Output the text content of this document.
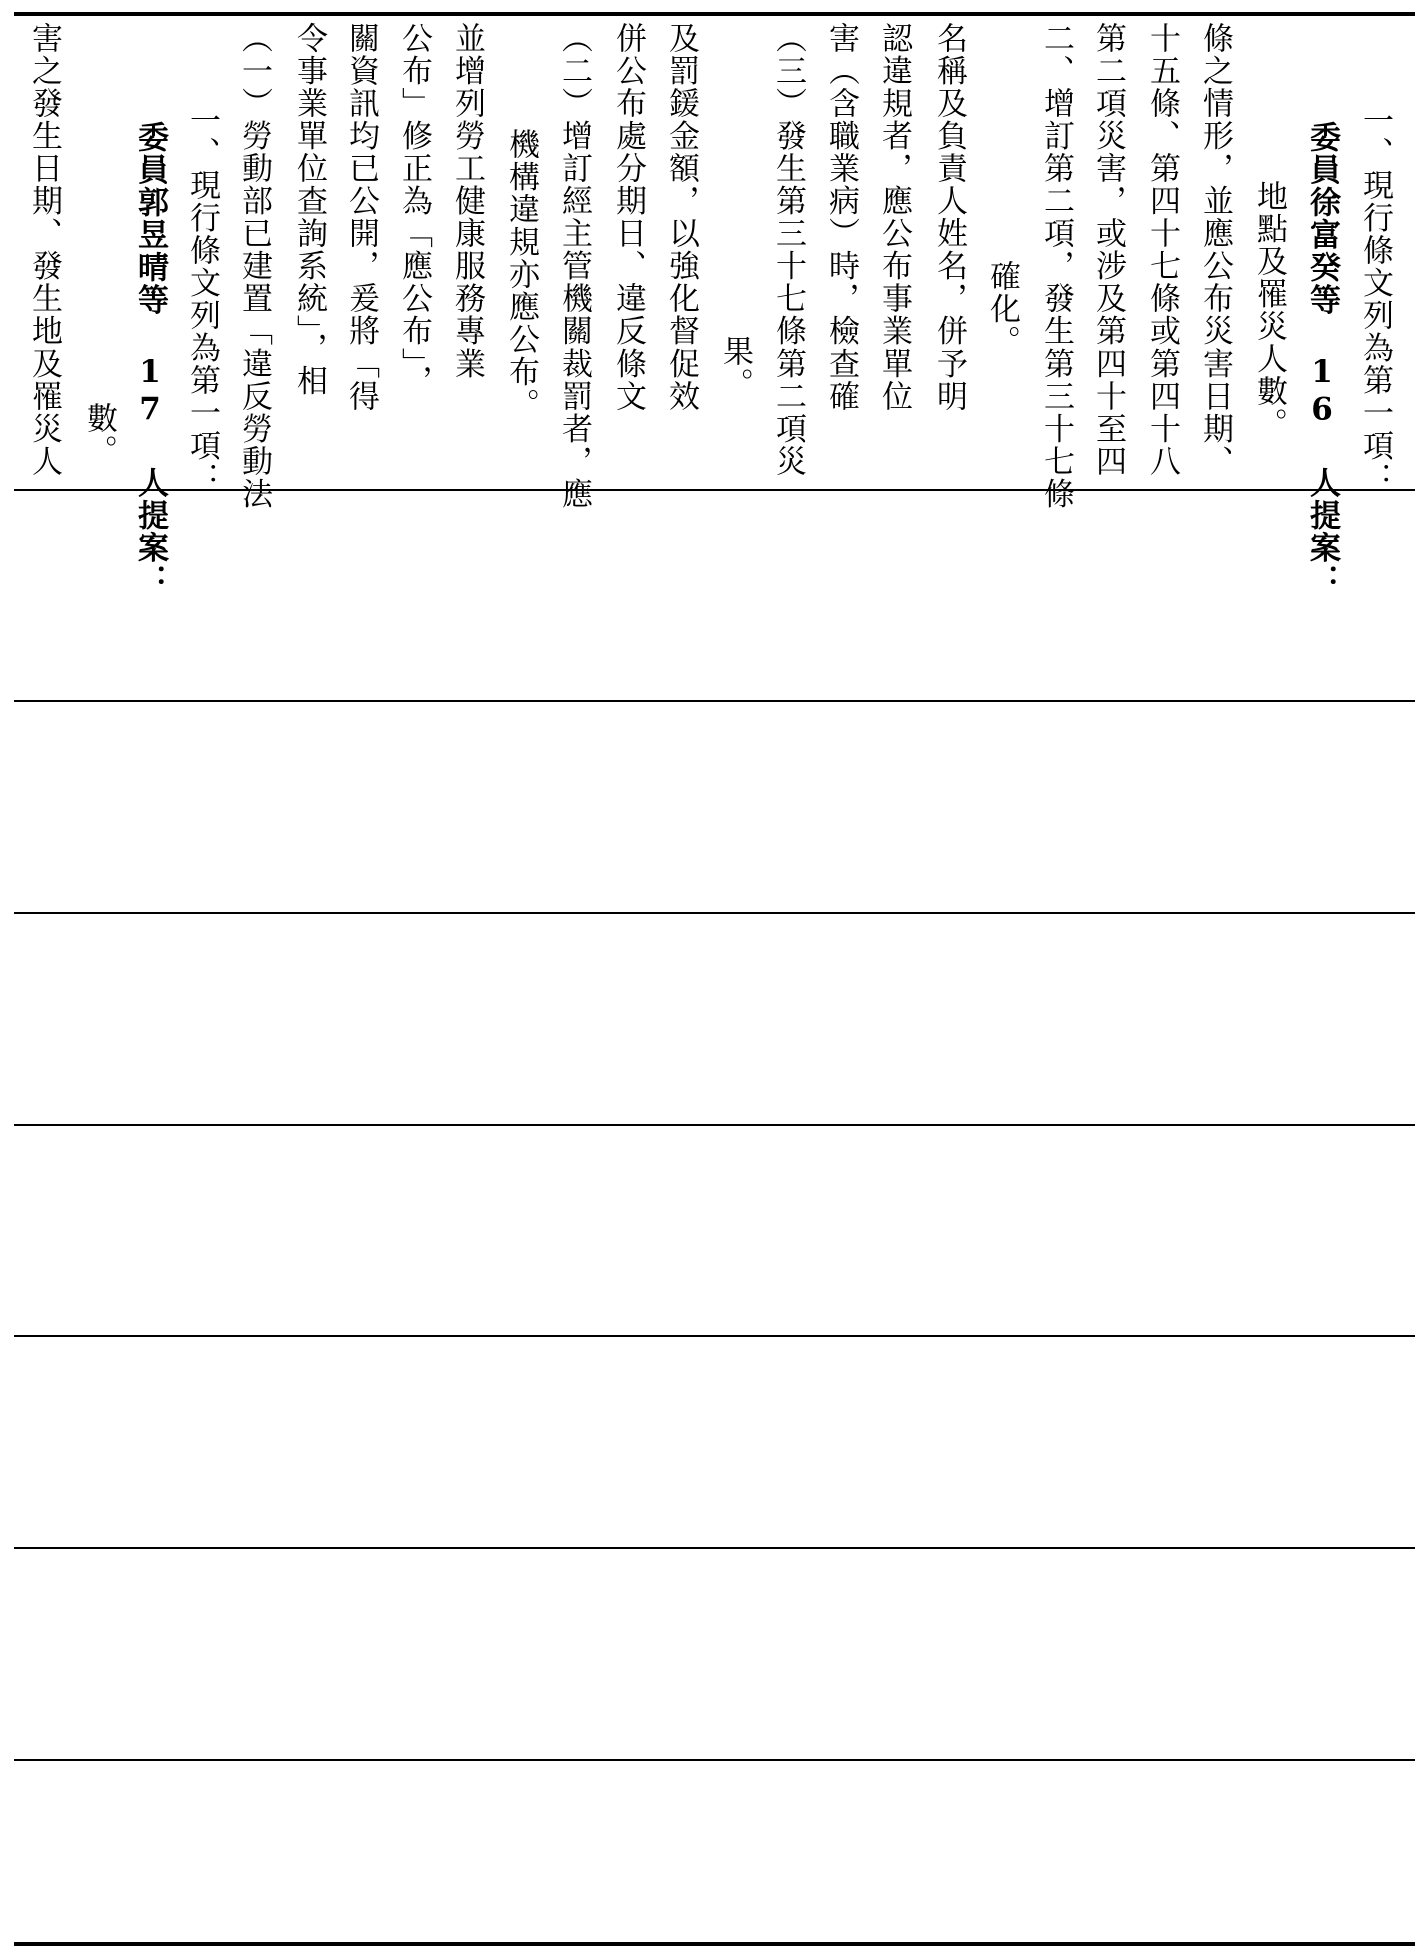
害之發生日期、發生地及罹災人 數。 委員郭昱晴等 17 人提案： 一、現行條文列為第一項： （一）勞動部已建置「違反勞動法 令事業單位查詢系統」，相 關資訊均已公開，爰將「得 公布」修正為「應公布」， 並增列勞工健康服務專業 機構違規亦應公布。 （二）增訂經主管機關裁罰者，應 併公布處分期日、違反條文 及罰鍰金額，以強化督促效 果。 （三）發生第三十七條第二項災 害（含職業病）時，檢查確 認違規者，應公布事業單位 名稱及負責人姓名，併予明 確化。 二、增訂第二項，發生第三十七條 第二項災害，或涉及第四十至四 十五條、第四十七條或第四十八 條之情形，並應公布災害日期、 地點及罹災人數。 委員徐富癸等 16 人提案： 一、現行條文列為第一項：
